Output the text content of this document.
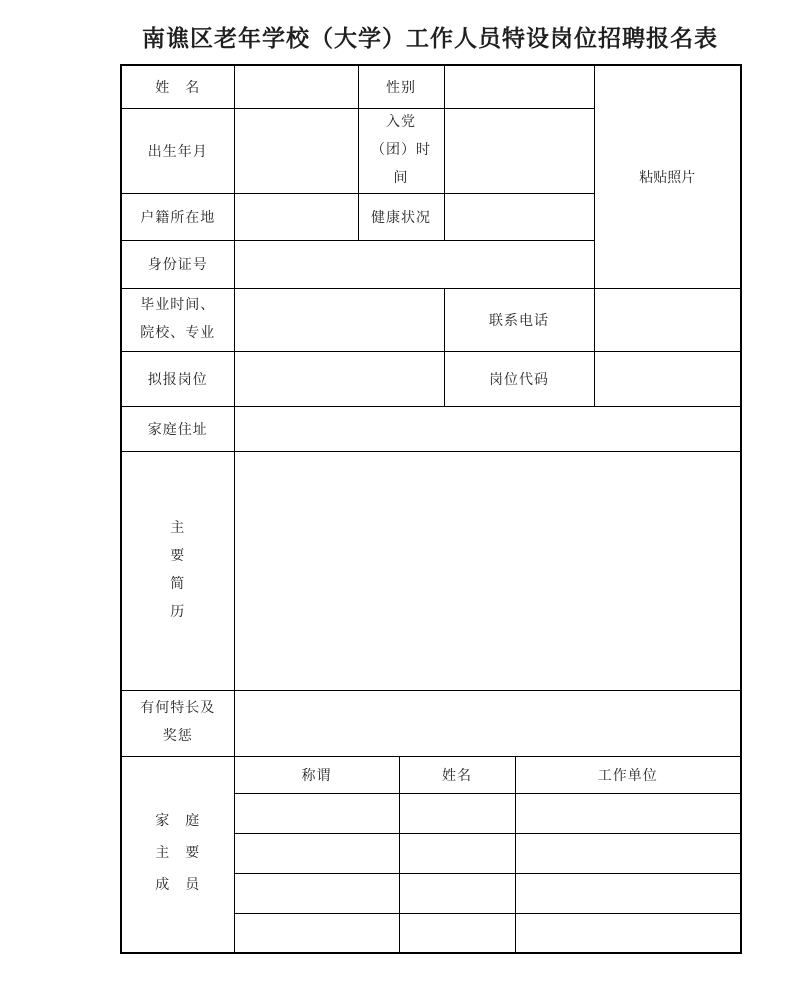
南谯区老年学校（大学）工作人员特设岗位招聘报名表
姓　名		性别				粘贴照片
出生年月		入党
（团）时
间				

户籍所在地		健康状况				
身份证号						

毕业时间、
院校、专业				联系电话		
拟报岗位				岗位代码		
家庭住址						

主
要
简
历						

有何特长及
奖惩						

家　庭
主　要
成　员	称谓		姓名		工作单位	
